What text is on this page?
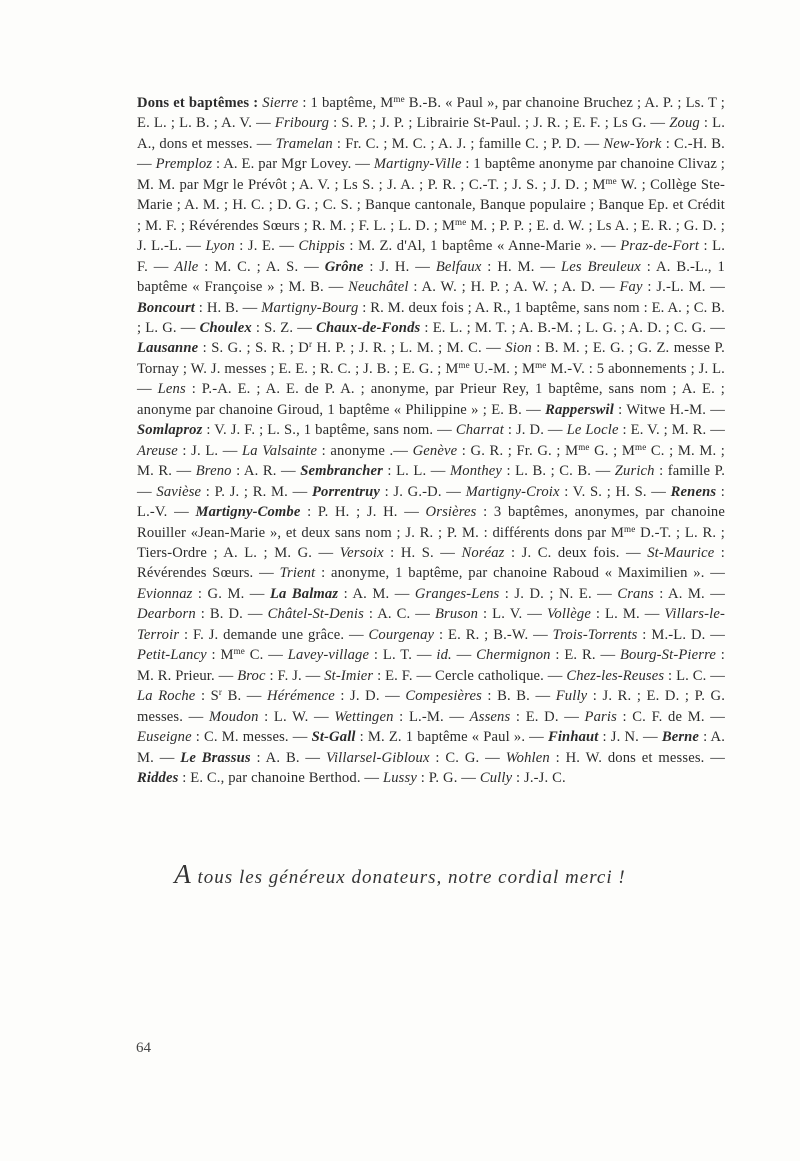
Dons et baptêmes : Sierre : 1 baptême, $M^{me}$ B.-B. « Paul », par chanoine Bruchez ; A. P. ; Ls. T ; E. L. ; L. B. ; A. V. — Fribourg : S. P. ; J. P. ; Librairie St-Paul. ; J. R. ; E. F. ; Ls G. — Zoug : L. A., dons et messes. — Tramelan : Fr. C. ; M. C. ; A. J. ; famille C. ; P. D. — New-York : C.-H. B. — Premploz : A. E. par Mgr Lovey. — Martigny-Ville : 1 baptême anonyme par chanoine Clivaz ; M. M. par Mgr le Prévôt ; A. V. ; Ls S. ; J. A. ; P. R. ; C.-T. ; J. S. ; J. D. ; $M^{me}$ W. ; Collège Ste-Marie ; A. M. ; H. C. ; D. G. ; C. S. ; Banque cantonale, Banque populaire ; Banque Ep. et Crédit ; M. F. ; Révérendes Sœurs ; R. M. ; F. L. ; L. D. ; $M^{me}$ M. ; P. P. ; E. d. W. ; Ls A. ; E. R. ; G. D. ; J. L.-L. — Lyon : J. E. — Chippis : M. Z. d'Al, 1 baptême « Anne-Marie ». — Praz-de-Fort : L. F. — Alle : M. C. ; A. S. — Grône : J. H. — Belfaux : H. M. — Les Breuleux : A. B.-L., 1 baptême « Françoise » ; M. B. — Neuchâtel : A. W. ; H. P. ; A. W. ; A. D. — Fay : J.-L. M. — Boncourt : H. B. — Martigny-Bourg : R. M. deux fois ; A. R., 1 baptême, sans nom : E. A. ; C. B. ; L. G. — Choulex : S. Z. — Chaux-de-Fonds : E. L. ; M. T. ; A. B.-M. ; L. G. ; A. D. ; C. G. — Lausanne : S. G. ; S. R. ; $D^r$ H. P. ; J. R. ; L. M. ; M. C. — Sion : B. M. ; E. G. ; G. Z. messe P. Tornay ; W. J. messes ; E. E. ; R. C. ; J. B. ; E. G. ; $M^{me}$ U.-M. ; $M^{me}$ M.-V. : 5 abonnements ; J. L. — Lens : P.-A. E. ; A. E. de P. A. ; anonyme, par Prieur Rey, 1 baptême, sans nom ; A. E. ; anonyme par chanoine Giroud, 1 baptême « Philippine » ; E. B. — Rapperswil : Witwe H.-M. — Somlaproz : V. J. F. ; L. S., 1 baptême, sans nom. — Charrat : J. D. — Le Locle : E. V. ; M. R. — Areuse : J. L. — La Valsainte : anonyme .— Genève : G. R. ; Fr. G. ; $M^{me}$ G. ; $M^{me}$ C. ; M. M. ; M. R. — Breno : A. R. — Sembrancher : L. L. — Monthey : L. B. ; C. B. — Zurich : famille P. — Savièse : P. J. ; R. M. — Porrentruy : J. G.-D. — Martigny-Croix : V. S. ; H. S. — Renens : L.-V. — Martigny-Combe : P. H. ; J. H. — Orsières : 3 baptêmes, anonymes, par chanoine Rouiller «Jean-Marie », et deux sans nom ; J. R. ; P. M. : différents dons par $M^{me}$ D.-T. ; L. R. ; Tiers-Ordre ; A. L. ; M. G. — Versoix : H. S. — Noréaz : J. C. deux fois. — St-Maurice : Révérendes Sœurs. — Trient : anonyme, 1 baptême, par chanoine Raboud « Maximilien ». — Evionnaz : G. M. — La Balmaz : A. M. — Granges-Lens : J. D. ; N. E. — Crans : A. M. — Dearborn : B. D. — Châtel-St-Denis : A. C. — Bruson : L. V. — Vollège : L. M. — Villars-le-Terroir : F. J. demande une grâce. — Courgenay : E. R. ; B.-W. — Trois-Torrents : M.-L. D. — Petit-Lancy : $M^{me}$ C. — Lavey-village : L. T. — id. — Chermignon : E. R. — Bourg-St-Pierre : M. R. Prieur. — Broc : F. J. — St-Imier : E. F. — Cercle catholique. — Chez-les-Reuses : L. C. — La Roche : $S^r$ B. — Hérémence : J. D. — Compesières : B. B. — Fully : J. R. ; E. D. ; P. G. messes. — Moudon : L. W. — Wettingen : L.-M. — Assens : E. D. — Paris : C. F. de M. — Euseigne : C. M. messes. — St-Gall : M. Z. 1 baptême « Paul ». — Finhaut : J. N. — Berne : A. M. — Le Brassus : A. B. — Villarsel-Gibloux : C. G. — Wohlen : H. W. dons et messes. — Riddes : E. C., par chanoine Berthod. — Lussy : P. G. — Cully : J.-J. C.

A tous les généreux donateurs, notre cordial merci !
64
